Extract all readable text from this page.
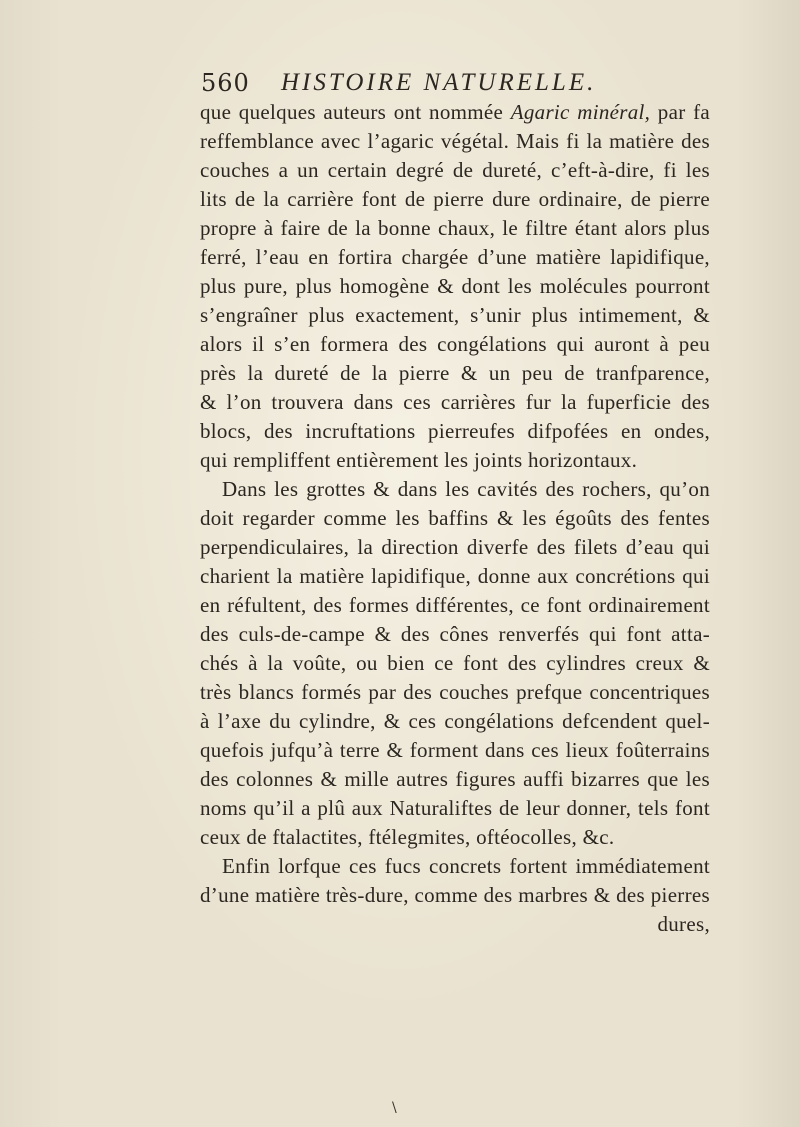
560 HISTOIRE NATURELLE.
que quelques auteurs ont nommée Agaric minéral, par fa
reffemblance avec l’agaric végétal. Mais fi la matière des
couches a un certain degré de dureté, c’eft-à-dire, fi les
lits de la carrière font de pierre dure ordinaire, de pierre
propre à faire de la bonne chaux, le filtre étant alors plus
ferré, l’eau en fortira chargée d’une matière lapidifique,
plus pure, plus homogène & dont les molécules pourront
s’engraîner plus exactement, s’unir plus intimement, &
alors il s’en formera des congélations qui auront à peu
près la dureté de la pierre & un peu de tranfparence,
& l’on trouvera dans ces carrières fur la fuperficie des
blocs, des incruftations pierreufes difpofées en ondes,
qui rempliffent entièrement les joints horizontaux.
Dans les grottes & dans les cavités des rochers, qu’on
doit regarder comme les baffins & les égoûts des fentes
perpendiculaires, la direction diverfe des filets d’eau qui
charient la matière lapidifique, donne aux concrétions qui
en réfultent, des formes différentes, ce font ordinairement
des culs-de-campe & des cônes renverfés qui font atta-
chés à la voûte, ou bien ce font des cylindres creux &
très blancs formés par des couches prefque concentriques
à l’axe du cylindre, & ces congélations defcendent quel-
quefois jufqu’à terre & forment dans ces lieux foûterrains
des colonnes & mille autres figures auffi bizarres que les
noms qu’il a plû aux Naturaliftes de leur donner, tels font
ceux de ftalactites, ftélegmites, oftéocolles, &c.
Enfin lorfque ces fucs concrets fortent immédiatement
d’une matière très-dure, comme des marbres & des pierres
dures,
\
